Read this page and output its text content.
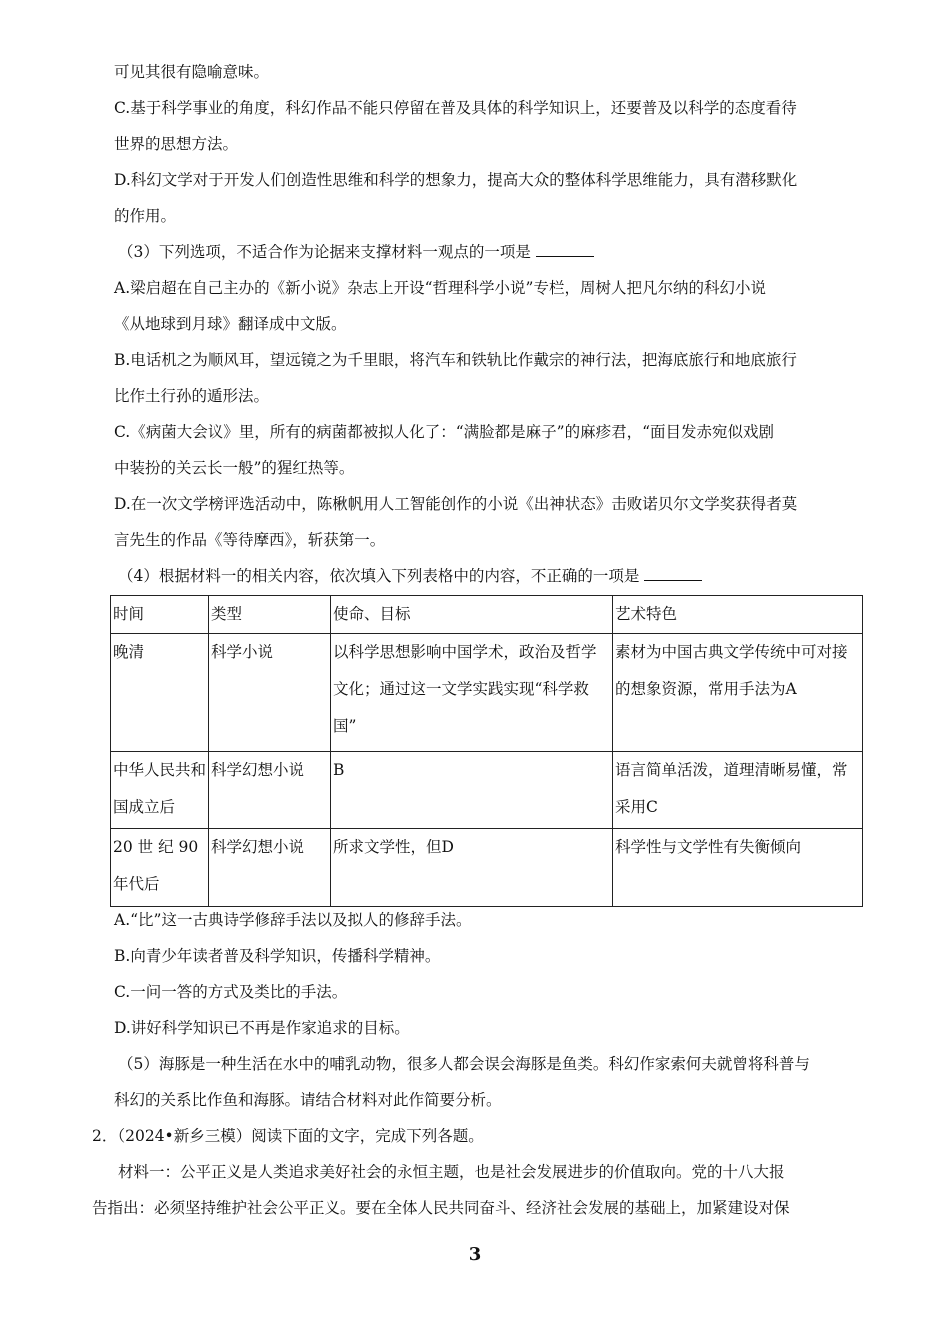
可见其很有隐喻意味。
C.基于科学事业的角度，科幻作品不能只停留在普及具体的科学知识上，还要普及以科学的态度看待
世界的思想方法。
D.科幻文学对于开发人们创造性思维和科学的想象力，提高大众的整体科学思维能力，具有潜移默化
的作用。
（3）下列选项，不适合作为论据来支撑材料一观点的一项是
A.梁启超在自己主办的《新小说》杂志上开设“哲理科学小说”专栏，周树人把凡尔纳的科幻小说
《从地球到月球》翻译成中文版。
B.电话机之为顺风耳，望远镜之为千里眼，将汽车和铁轨比作戴宗的神行法，把海底旅行和地底旅行
比作土行孙的遁形法。
C.《病菌大会议》里，所有的病菌都被拟人化了：“满脸都是麻子”的麻疹君，“面目发赤宛似戏剧
中装扮的关云长一般”的猩红热等。
D.在一次文学榜评选活动中，陈楸帆用人工智能创作的小说《出神状态》击败诺贝尔文学奖获得者莫
言先生的作品《等待摩西》，斩获第一。
（4）根据材料一的相关内容，依次填入下列表格中的内容，不正确的一项是
时间	类型	使命、目标	艺术特色
晚清	科学小说	以科学思想影响中国学术，政治及哲学文化；通过这一文学实践实现“科学救国”	素材为中国古典文学传统中可对接的想象资源，常用手法为A
中华人民共和国成立后	科学幻想小说	B	语言简单活泼，道理清晰易懂，常采用C
20 世 纪 90 年代后	科学幻想小说	所求文学性，但D	科学性与文学性有失衡倾向
A.“比”这一古典诗学修辞手法以及拟人的修辞手法。
B.向青少年读者普及科学知识，传播科学精神。
C.一问一答的方式及类比的手法。
D.讲好科学知识已不再是作家追求的目标。
（5）海豚是一种生活在水中的哺乳动物，很多人都会误会海豚是鱼类。科幻作家索何夫就曾将科普与
科幻的关系比作鱼和海豚。请结合材料对此作简要分析。
2．（2024•新乡三模）阅读下面的文字，完成下列各题。
材料一：公平正义是人类追求美好社会的永恒主题，也是社会发展进步的价值取向。党的十八大报
告指出：必须坚持维护社会公平正义。要在全体人民共同奋斗、经济社会发展的基础上，加紧建设对保
3
